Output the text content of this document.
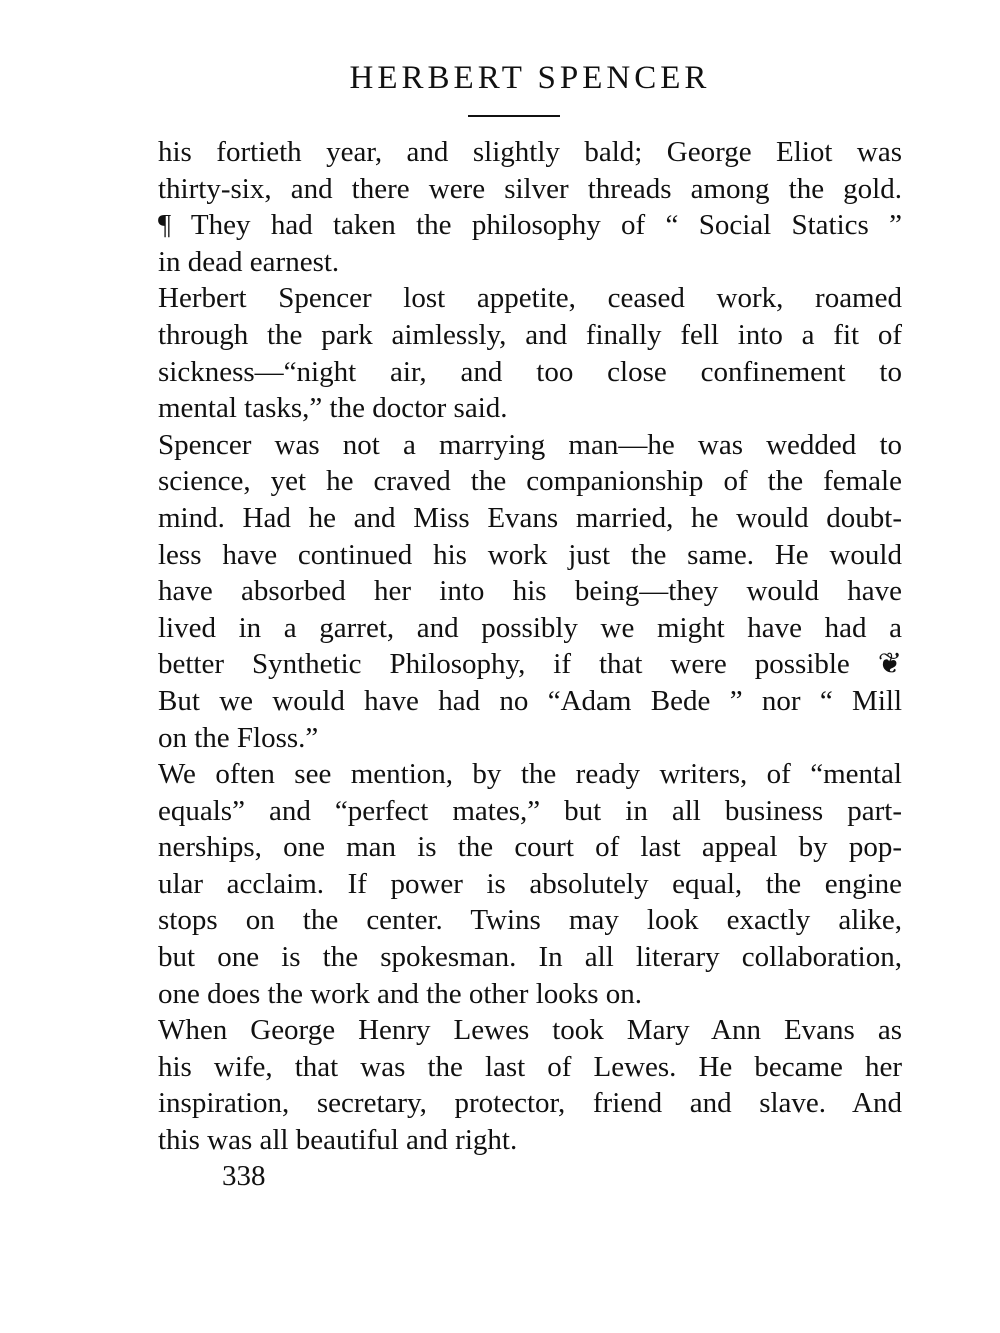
HERBERT SPENCER
his fortieth year, and slightly bald; George Eliot was
thirty-six, and there were silver threads among the gold.
¶ They had taken the philosophy of “ Social Statics ”
in dead earnest.
Herbert Spencer lost appetite, ceased work, roamed
through the park aimlessly, and finally fell into a fit of
sickness—“night air, and too close confinement to
mental tasks,” the doctor said.
Spencer was not a marrying man—he was wedded to
science, yet he craved the companionship of the female
mind. Had he and Miss Evans married, he would doubt-
less have continued his work just the same. He would
have absorbed her into his being—they would have
lived in a garret, and possibly we might have had a
better Synthetic Philosophy, if that were possible ❦
But we would have had no “Adam Bede ” nor “ Mill
on the Floss.”
We often see mention, by the ready writers, of “mental
equals” and “perfect mates,” but in all business part-
nerships, one man is the court of last appeal by pop-
ular acclaim. If power is absolutely equal, the engine
stops on the center. Twins may look exactly alike,
but one is the spokesman. In all literary collaboration,
one does the work and the other looks on.
When George Henry Lewes took Mary Ann Evans as
his wife, that was the last of Lewes. He became her
inspiration, secretary, protector, friend and slave. And
this was all beautiful and right.
338
